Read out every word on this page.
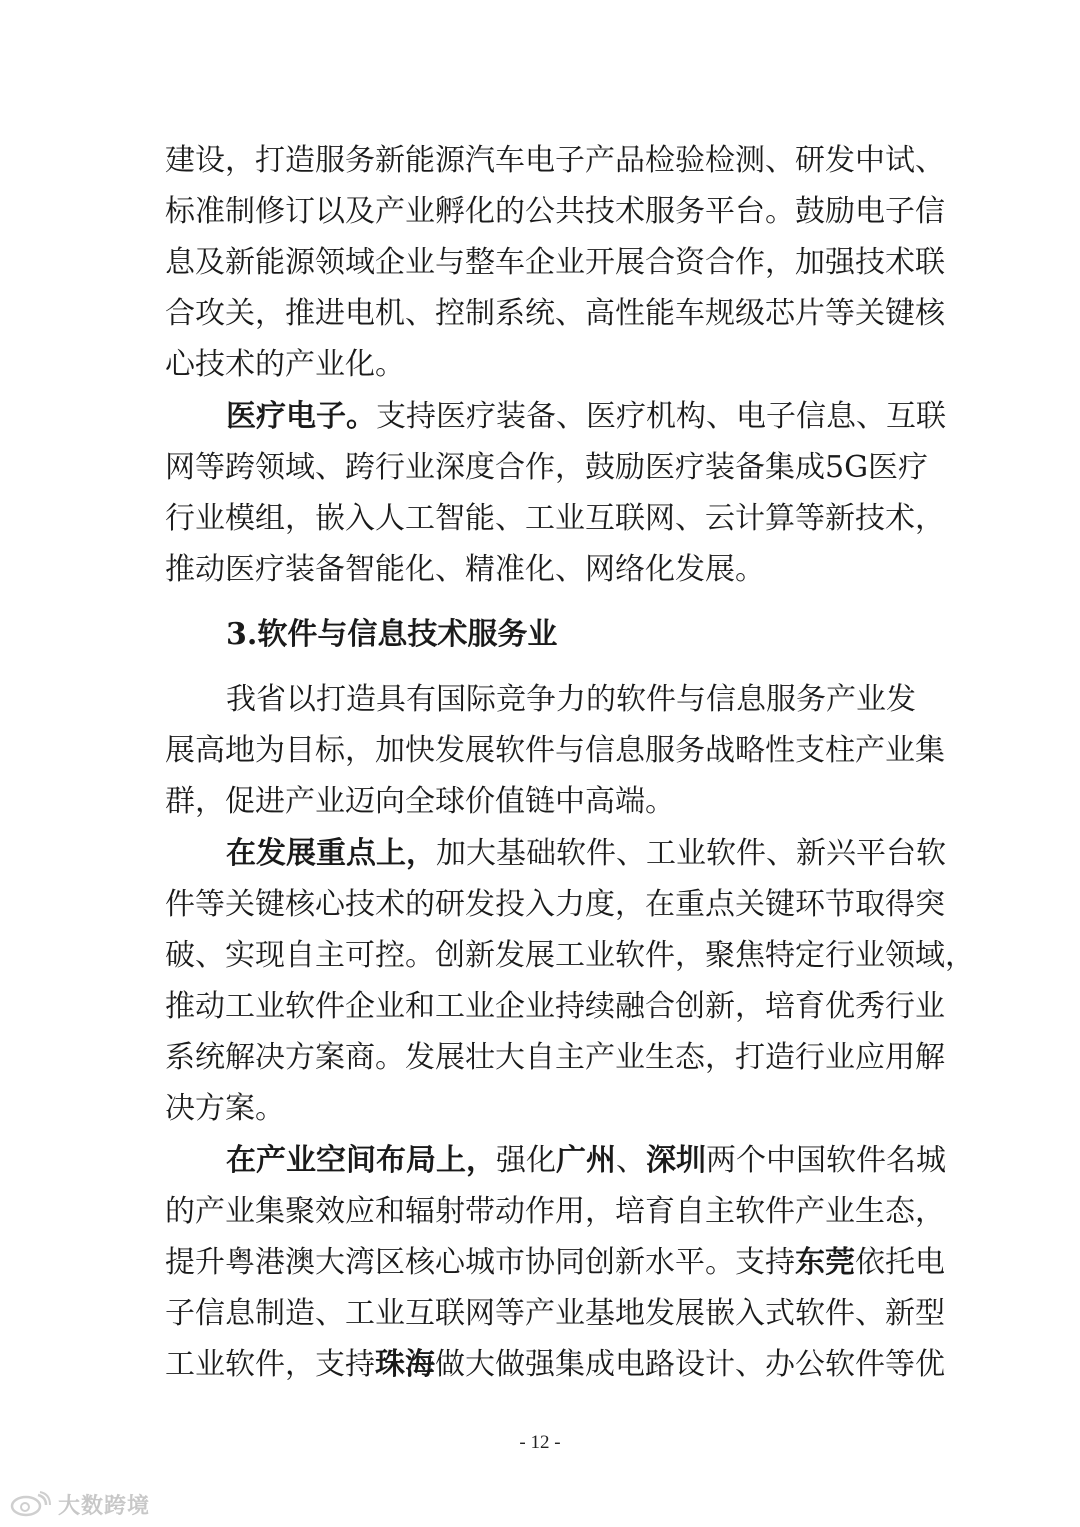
建设，打造服务新能源汽车电子产品检验检测、研发中试、
标准制修订以及产业孵化的公共技术服务平台。鼓励电子信
息及新能源领域企业与整车企业开展合资合作，加强技术联
合攻关，推进电机、控制系统、高性能车规级芯片等关键核
心技术的产业化。
医疗电子。支持医疗装备、医疗机构、电子信息、互联
网等跨领域、跨行业深度合作，鼓励医疗装备集成5G医疗
行业模组，嵌入人工智能、工业互联网、云计算等新技术，
推动医疗装备智能化、精准化、网络化发展。
3.软件与信息技术服务业
我省以打造具有国际竞争力的软件与信息服务产业发
展高地为目标，加快发展软件与信息服务战略性支柱产业集
群，促进产业迈向全球价值链中高端。
在发展重点上，加大基础软件、工业软件、新兴平台软
件等关键核心技术的研发投入力度，在重点关键环节取得突
破、实现自主可控。创新发展工业软件，聚焦特定行业领域，
推动工业软件企业和工业企业持续融合创新，培育优秀行业
系统解决方案商。发展壮大自主产业生态，打造行业应用解
决方案。
在产业空间布局上，强化广州、深圳两个中国软件名城
的产业集聚效应和辐射带动作用，培育自主软件产业生态，
提升粤港澳大湾区核心城市协同创新水平。支持东莞依托电
子信息制造、工业互联网等产业基地发展嵌入式软件、新型
工业软件，支持珠海做大做强集成电路设计、办公软件等优
- 12 -
大数跨境
